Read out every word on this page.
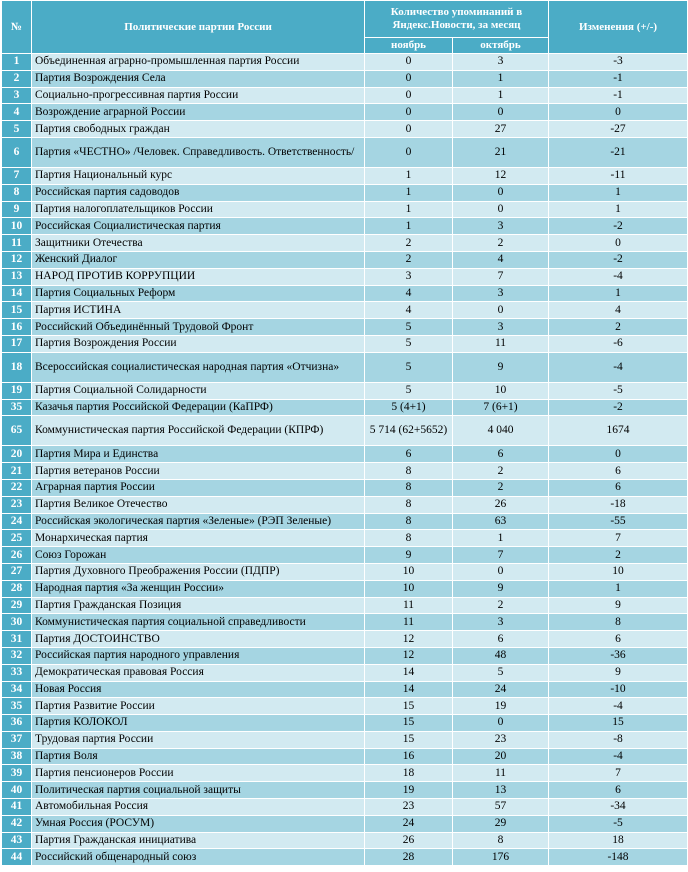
№	Политические партии России	Количество упоминаний в Яндекс.Новости, за месяц		Изменения (+/-)
		ноябрь	октябрь	
1	Объединенная аграрно-промышленная партия России	0	3	-3
2	Партия Возрождения Села	0	1	-1
3	Социально-прогрессивная партия России	0	1	-1
4	Возрождение аграрной России	0	0	0
5	Партия свободных граждан	0	27	-27
6	Партия «ЧЕСТНО» /Человек. Справедливость. Ответственность/	0	21	-21
7	Партия Национальный курс	1	12	-11
8	Российская партия садоводов	1	0	1
9	Партия налогоплательщиков России	1	0	1
10	Российская Социалистическая партия	1	3	-2
11	Защитники Отечества	2	2	0
12	Женский Диалог	2	4	-2
13	НАРОД ПРОТИВ КОРРУПЦИИ	3	7	-4
14	Партия Социальных Реформ	4	3	1
15	Партия ИСТИНА	4	0	4
16	Российский Объединённый Трудовой Фронт	5	3	2
17	Партия Возрождения России	5	11	-6
18	Всероссийская социалистическая народная партия «Отчизна»	5	9	-4
19	Партия Социальной Солидарности	5	10	-5
35	Казачья партия Российской Федерации (КаПРФ)	5 (4+1)	7 (6+1)	-2
65	Коммунистическая партия Российской Федерации (КПРФ)	5 714 (62+5652)	4 040	1674
20	Партия Мира и Единства	6	6	0
21	Партия ветеранов России	8	2	6
22	Аграрная партия России	8	2	6
23	Партия Великое Отечество	8	26	-18
24	Российская экологическая партия «Зеленые» (РЭП Зеленые)	8	63	-55
25	Монархическая партия	8	1	7
26	Союз Горожан	9	7	2
27	Партия Духовного Преображения России (ПДПР)	10	0	10
28	Народная партия «За женщин России»	10	9	1
29	Партия Гражданская Позиция	11	2	9
30	Коммунистическая партия социальной справедливости	11	3	8
31	Партия ДОСТОИНСТВО	12	6	6
32	Российская партия народного управления	12	48	-36
33	Демократическая правовая Россия	14	5	9
34	Новая Россия	14	24	-10
35	Партия Развитие России	15	19	-4
36	Партия КОЛОКОЛ	15	0	15
37	Трудовая партия России	15	23	-8
38	Партия Воля	16	20	-4
39	Партия пенсионеров России	18	11	7
40	Политическая партия социальной защиты	19	13	6
41	Автомобильная Россия	23	57	-34
42	Умная Россия (РОСУМ)	24	29	-5
43	Партия Гражданская инициатива	26	8	18
44	Российский общенародный союз	28	176	-148
